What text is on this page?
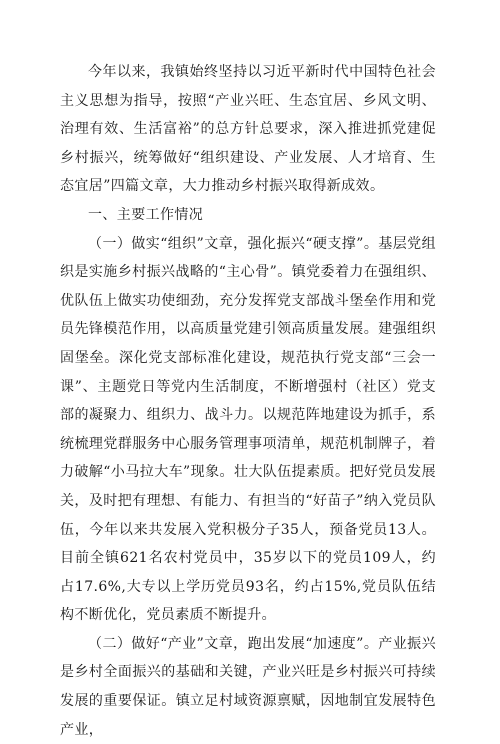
今年以来，我镇始终坚持以习近平新时代中国特色社会主义思想为指导，按照“产业兴旺、生态宜居、乡风文明、治理有效、生活富裕”的总方针总要求，深入推进抓党建促乡村振兴，统筹做好“组织建设、产业发展、人才培育、生态宜居”四篇文章，大力推动乡村振兴取得新成效。

一、主要工作情况

（一）做实“组织”文章，强化振兴“硬支撑”。基层党组织是实施乡村振兴战略的“主心骨”。镇党委着力在强组织、优队伍上做实功使细劲，充分发挥党支部战斗堡垒作用和党员先锋模范作用，以高质量党建引领高质量发展。建强组织固堡垒。深化党支部标准化建设，规范执行党支部“三会一课”、主题党日等党内生活制度，不断增强村（社区）党支部的凝聚力、组织力、战斗力。以规范阵地建设为抓手，系统梳理党群服务中心服务管理事项清单，规范机制牌子，着力破解“小马拉大车”现象。壮大队伍提素质。把好党员发展关，及时把有理想、有能力、有担当的“好苗子”纳入党员队伍，今年以来共发展入党积极分子35人，预备党员13人。目前全镇621名农村党员中，35岁以下的党员109人，约占17.6%,大专以上学历党员93名，约占15%,党员队伍结构不断优化，党员素质不断提升。

（二）做好“产业”文章，跑出发展“加速度”。产业振兴是乡村全面振兴的基础和关键，产业兴旺是乡村振兴可持续发展的重要保证。镇立足村域资源禀赋，因地制宜发展特色产业，
